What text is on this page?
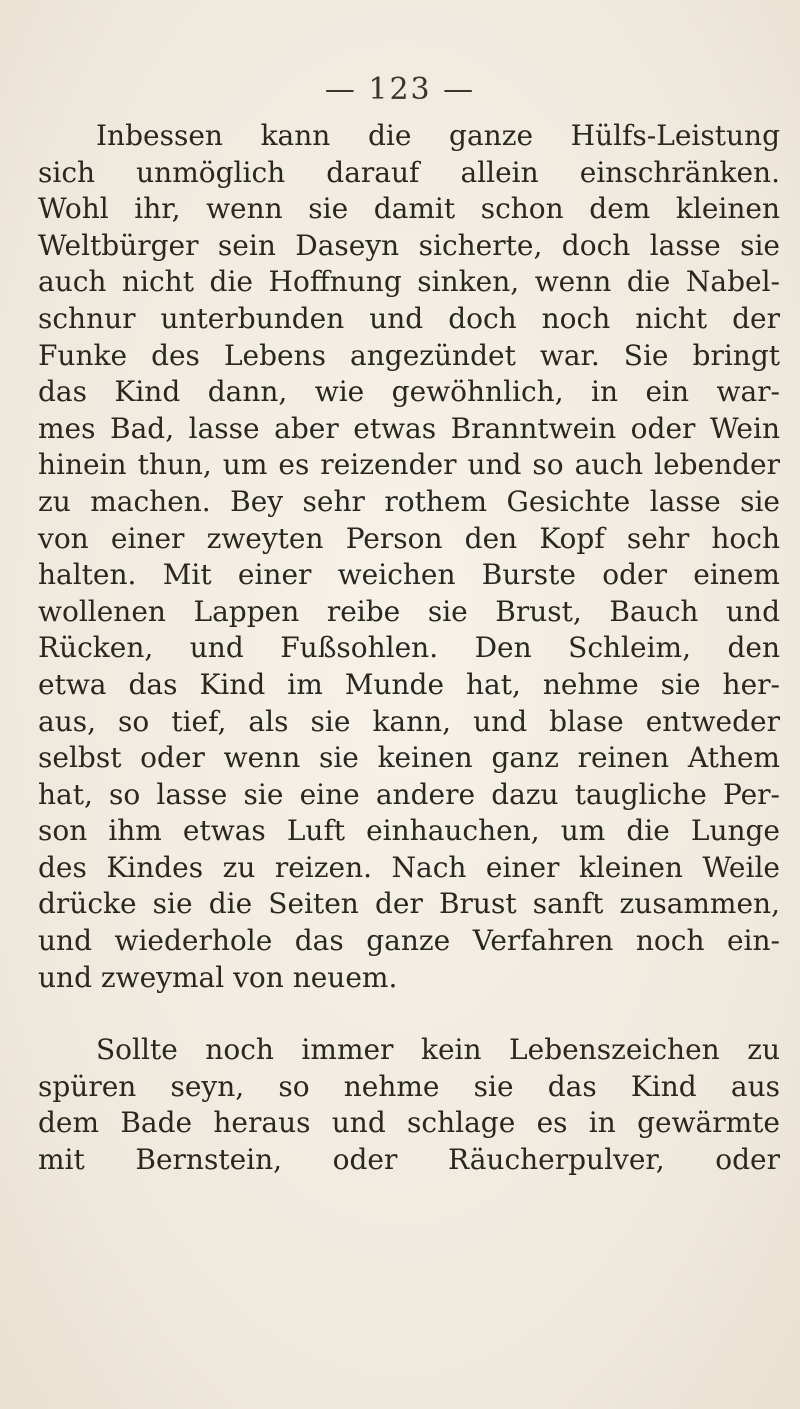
— 123 —
Inbessen kann die ganze Hülfs-Leistung
sich unmöglich darauf allein einschränken.
Wohl ihr, wenn sie damit schon dem kleinen
Weltbürger sein Daseyn sicherte, doch lasse sie
auch nicht die Hoffnung sinken, wenn die Nabel-
schnur unterbunden und doch noch nicht der
Funke des Lebens angezündet war. Sie bringt
das Kind dann, wie gewöhnlich, in ein war-
mes Bad, lasse aber etwas Branntwein oder Wein
hinein thun, um es reizender und so auch lebender
zu machen. Bey sehr rothem Gesichte lasse sie
von einer zweyten Person den Kopf sehr hoch
halten. Mit einer weichen Burste oder einem
wollenen Lappen reibe sie Brust, Bauch und
Rücken, und Fußsohlen. Den Schleim, den
etwa das Kind im Munde hat, nehme sie her-
aus, so tief, als sie kann, und blase entweder
selbst oder wenn sie keinen ganz reinen Athem
hat, so lasse sie eine andere dazu taugliche Per-
son ihm etwas Luft einhauchen, um die Lunge
des Kindes zu reizen. Nach einer kleinen Weile
drücke sie die Seiten der Brust sanft zusammen,
und wiederhole das ganze Verfahren noch ein-
und zweymal von neuem.
Sollte noch immer kein Lebenszeichen zu
spüren seyn, so nehme sie das Kind aus
dem Bade heraus und schlage es in gewärmte
mit Bernstein, oder Räucherpulver, oder
